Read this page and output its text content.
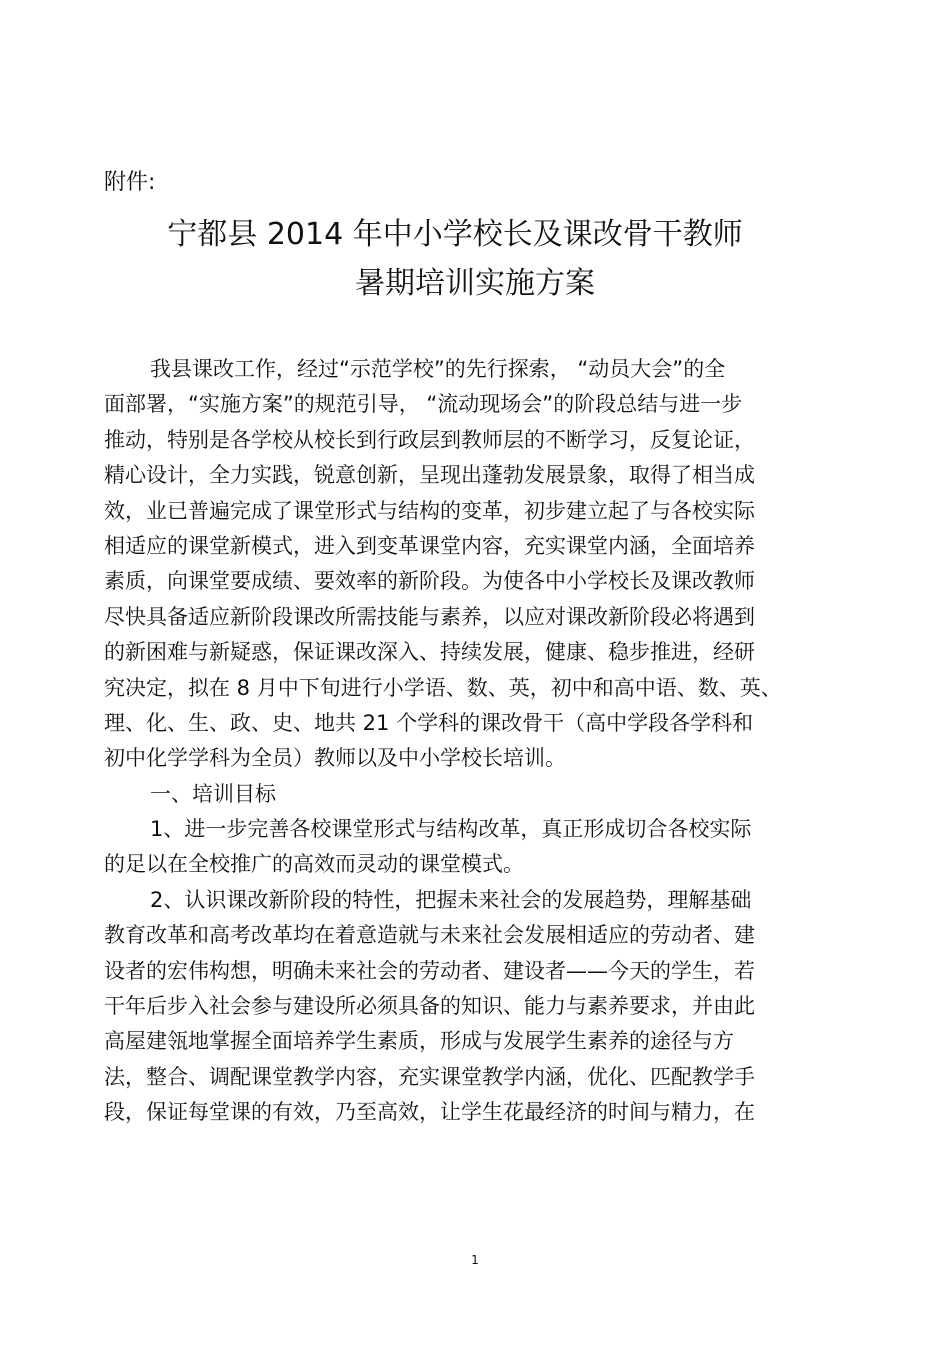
附件:
宁都县 2014 年中小学校长及课改骨干教师
暑期培训实施方案
我县课改工作，经过“示范学校”的先行探索， “动员大会”的全
面部署，“实施方案”的规范引导， “流动现场会”的阶段总结与进一步
推动，特别是各学校从校长到行政层到教师层的不断学习，反复论证，
精心设计，全力实践，锐意创新，呈现出蓬勃发展景象，取得了相当成
效，业已普遍完成了课堂形式与结构的变革，初步建立起了与各校实际
相适应的课堂新模式，进入到变革课堂内容，充实课堂内涵，全面培养
素质，向课堂要成绩、要效率的新阶段。为使各中小学校长及课改教师
尽快具备适应新阶段课改所需技能与素养，以应对课改新阶段必将遇到
的新困难与新疑惑，保证课改深入、持续发展，健康、稳步推进，经研
究决定，拟在 8 月中下旬进行小学语、数、英，初中和高中语、数、英、
理、化、生、政、史、地共 21 个学科的课改骨干（高中学段各学科和
初中化学学科为全员）教师以及中小学校长培训。
一、培训目标
1、进一步完善各校课堂形式与结构改革，真正形成切合各校实际
的足以在全校推广的高效而灵动的课堂模式。
2、认识课改新阶段的特性，把握未来社会的发展趋势，理解基础
教育改革和高考改革均在着意造就与未来社会发展相适应的劳动者、建
设者的宏伟构想，明确未来社会的劳动者、建设者——今天的学生，若
干年后步入社会参与建设所必须具备的知识、能力与素养要求，并由此
高屋建瓴地掌握全面培养学生素质，形成与发展学生素养的途径与方
法，整合、调配课堂教学内容，充实课堂教学内涵，优化、匹配教学手
段，保证每堂课的有效，乃至高效，让学生花最经济的时间与精力，在
1
